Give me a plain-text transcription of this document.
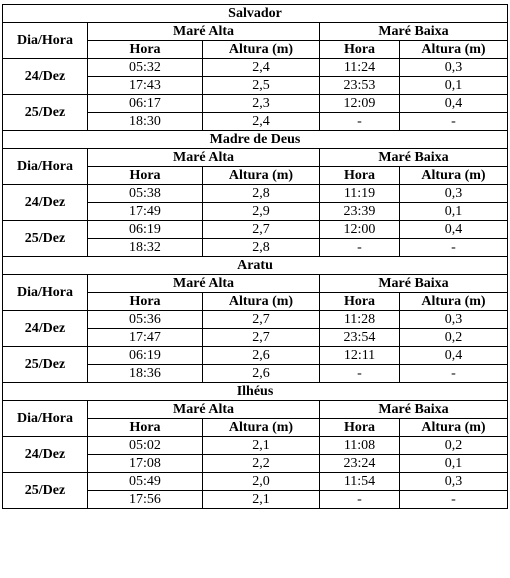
Salvador				
Dia/Hora	Maré Alta		Maré Baixa	
	Hora	Altura (m)	Hora	Altura (m)
24/Dez	05:32	2,4	11:24	0,3
	17:43	2,5	23:53	0,1
25/Dez	06:17	2,3	12:09	0,4
	18:30	2,4	-	-
Madre de Deus				
Dia/Hora	Maré Alta		Maré Baixa	
	Hora	Altura (m)	Hora	Altura (m)
24/Dez	05:38	2,8	11:19	0,3
	17:49	2,9	23:39	0,1
25/Dez	06:19	2,7	12:00	0,4
	18:32	2,8	-	-
Aratu				
Dia/Hora	Maré Alta		Maré Baixa	
	Hora	Altura (m)	Hora	Altura (m)
24/Dez	05:36	2,7	11:28	0,3
	17:47	2,7	23:54	0,2
25/Dez	06:19	2,6	12:11	0,4
	18:36	2,6	-	-
Ilhéus				
Dia/Hora	Maré Alta		Maré Baixa	
	Hora	Altura (m)	Hora	Altura (m)
24/Dez	05:02	2,1	11:08	0,2
	17:08	2,2	23:24	0,1
25/Dez	05:49	2,0	11:54	0,3
	17:56	2,1	-	-
